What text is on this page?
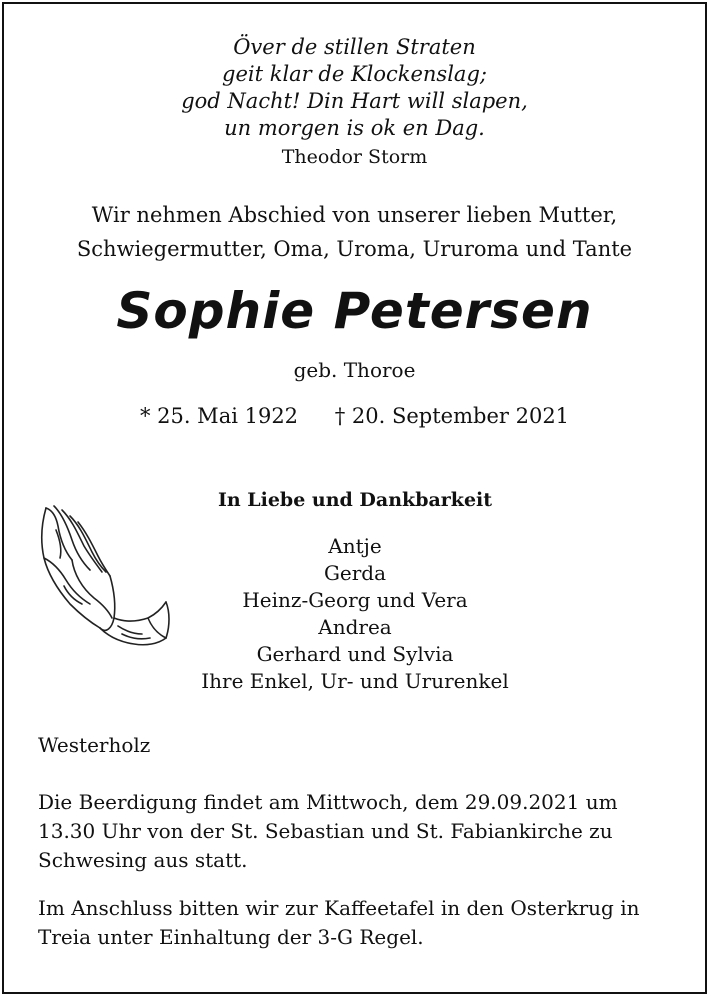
Över de stillen Straten
geit klar de Klockenslag;
god Nacht! Din Hart will slapen,
un morgen is ok en Dag.
Theodor Storm
Wir nehmen Abschied von unserer lieben Mutter,
Schwiegermutter, Oma, Uroma, Ururoma und Tante
Sophie Petersen
geb. Thoroe
* 25. Mai 1922 † 20. September 2021
In Liebe und Dankbarkeit
Antje
Gerda
Heinz-Georg und Vera
Andrea
Gerhard und Sylvia
Ihre Enkel, Ur- und Ururenkel
Westerholz
Die Beerdigung findet am Mittwoch, dem 29.09.2021 um 13.30 Uhr von der St. Sebastian und St. Fabiankirche zu Schwesing aus statt.
Im Anschluss bitten wir zur Kaffeetafel in den Osterkrug in Treia unter Einhaltung der 3-G Regel.
